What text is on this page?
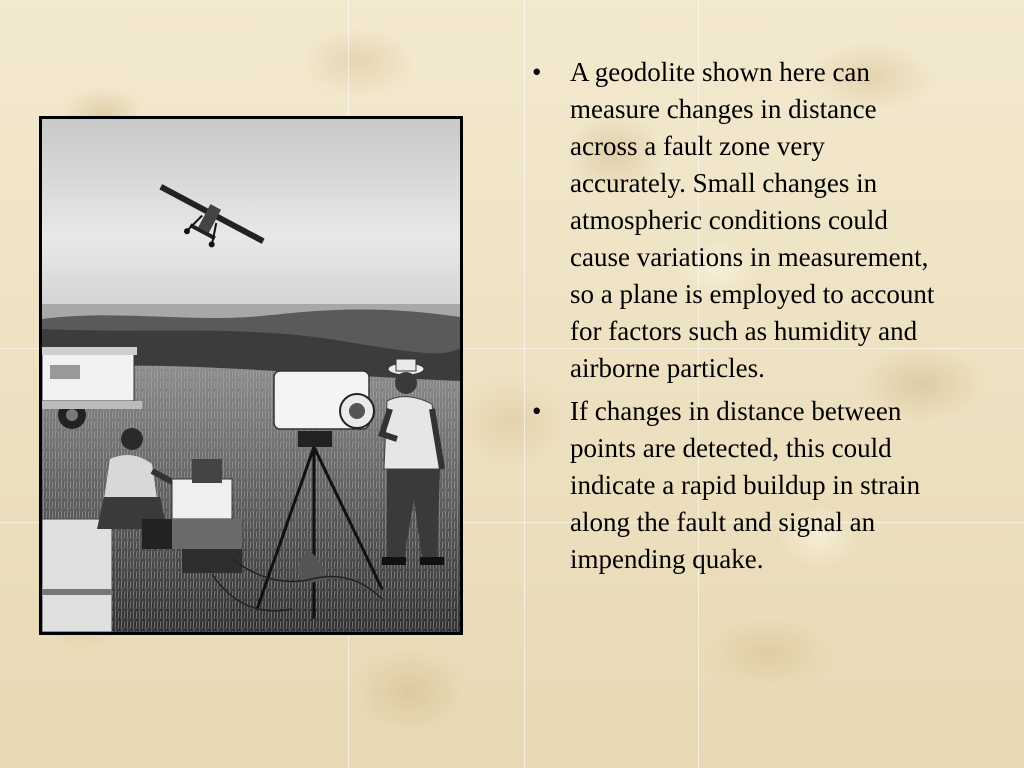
• A geodolite shown here can measure changes in distance across a fault zone very accurately. Small changes in atmospheric conditions could cause variations in measurement, so a plane is employed to account for factors such as humidity and airborne particles.
• If changes in distance between points are detected, this could indicate a rapid buildup in strain along the fault and signal an impending quake.
